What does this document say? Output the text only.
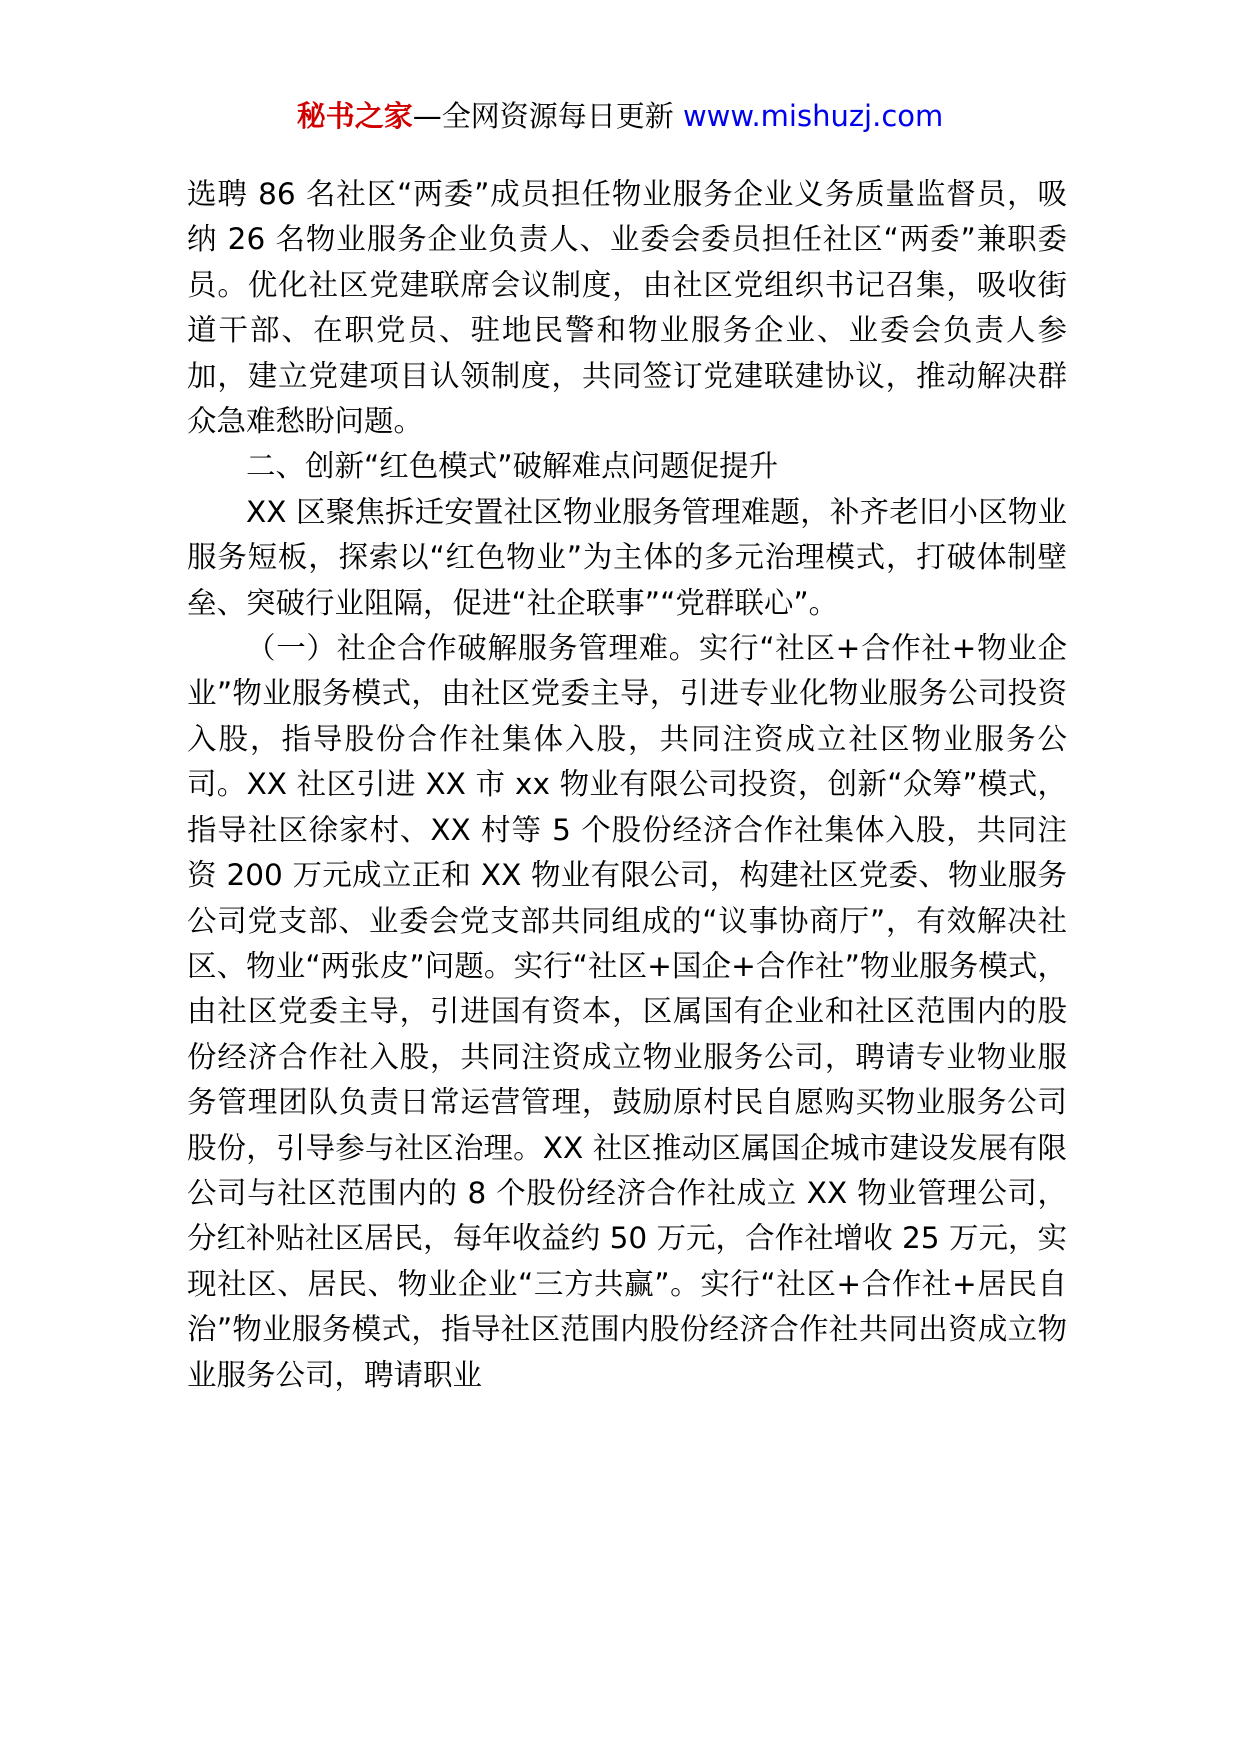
秘书之家—全网资源每日更新 www.mishuzj.com

选聘 86 名社区“两委”成员担任物业服务企业义务质量监督员，吸纳 26 名物业服务企业负责人、业委会委员担任社区“两委”兼职委员。优化社区党建联席会议制度，由社区党组织书记召集，吸收街道干部、在职党员、驻地民警和物业服务企业、业委会负责人参加，建立党建项目认领制度，共同签订党建联建协议，推动解决群众急难愁盼问题。

二、创新“红色模式”破解难点问题促提升

XX 区聚焦拆迁安置社区物业服务管理难题，补齐老旧小区物业服务短板，探索以“红色物业”为主体的多元治理模式，打破体制壁垒、突破行业阻隔，促进“社企联事”“党群联心”。

（一）社企合作破解服务管理难。实行“社区+合作社+物业企业”物业服务模式，由社区党委主导，引进专业化物业服务公司投资入股，指导股份合作社集体入股，共同注资成立社区物业服务公司。XX 社区引进 XX 市 xx 物业有限公司投资，创新“众筹”模式，指导社区徐家村、XX 村等 5 个股份经济合作社集体入股，共同注资 200 万元成立正和 XX 物业有限公司，构建社区党委、物业服务公司党支部、业委会党支部共同组成的“议事协商厅”，有效解决社区、物业“两张皮”问题。实行“社区+国企+合作社”物业服务模式，由社区党委主导，引进国有资本，区属国有企业和社区范围内的股份经济合作社入股，共同注资成立物业服务公司，聘请专业物业服务管理团队负责日常运营管理，鼓励原村民自愿购买物业服务公司股份，引导参与社区治理。XX 社区推动区属国企城市建设发展有限公司与社区范围内的 8 个股份经济合作社成立 XX 物业管理公司，分红补贴社区居民，每年收益约 50 万元，合作社增收 25 万元，实现社区、居民、物业企业“三方共赢”。实行“社区+合作社+居民自治”物业服务模式，指导社区范围内股份经济合作社共同出资成立物业服务公司，聘请职业
